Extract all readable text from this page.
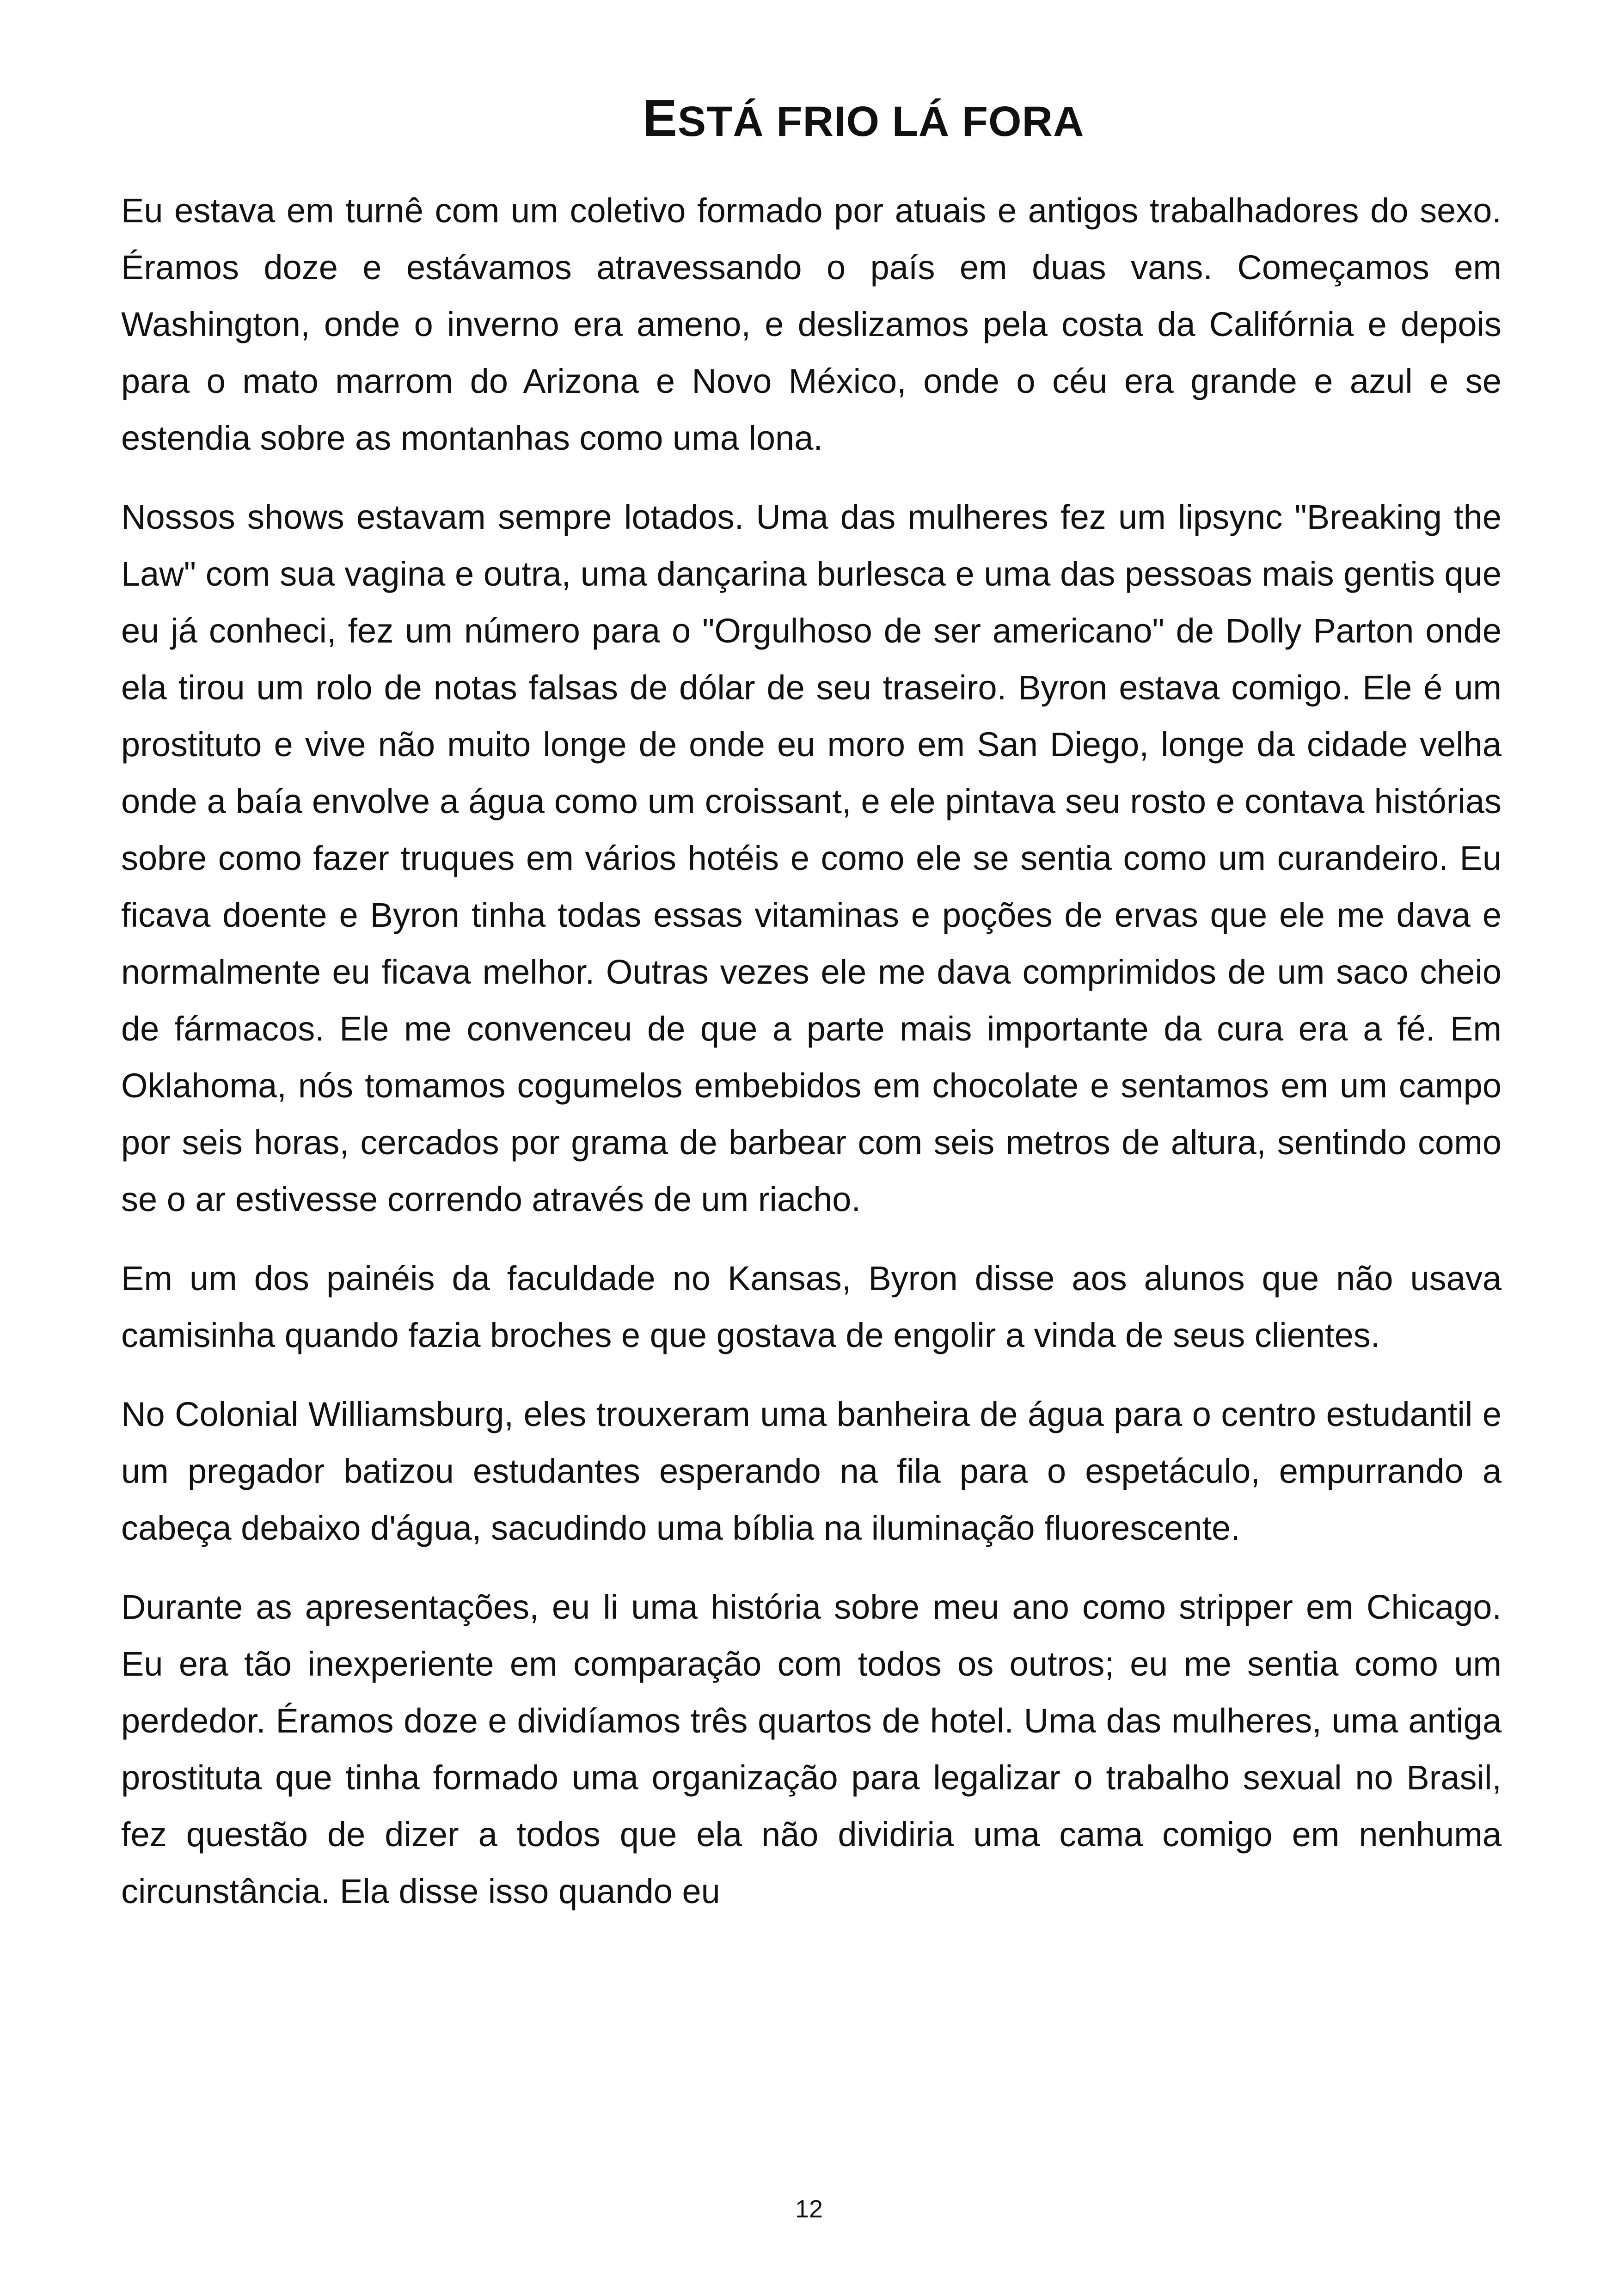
ESTÁ FRIO LÁ FORA

Eu estava em turnê com um coletivo formado por atuais e antigos trabalhadores do sexo. Éramos doze e estávamos atravessando o país em duas vans. Começamos em Washington, onde o inverno era ameno, e deslizamos pela costa da Califórnia e depois para o mato marrom do Arizona e Novo México, onde o céu era grande e azul e se estendia sobre as montanhas como uma lona.

Nossos shows estavam sempre lotados. Uma das mulheres fez um lipsync "Breaking the Law" com sua vagina e outra, uma dançarina burlesca e uma das pessoas mais gentis que eu já conheci, fez um número para o "Orgulhoso de ser americano" de Dolly Parton onde ela tirou um rolo de notas falsas de dólar de seu traseiro. Byron estava comigo. Ele é um prostituto e vive não muito longe de onde eu moro em San Diego, longe da cidade velha onde a baía envolve a água como um croissant, e ele pintava seu rosto e contava histórias sobre como fazer truques em vários hotéis e como ele se sentia como um curandeiro. Eu ficava doente e Byron tinha todas essas vitaminas e poções de ervas que ele me dava e normalmente eu ficava melhor. Outras vezes ele me dava comprimidos de um saco cheio de fármacos. Ele me convenceu de que a parte mais importante da cura era a fé. Em Oklahoma, nós tomamos cogumelos embebidos em chocolate e sentamos em um campo por seis horas, cercados por grama de barbear com seis metros de altura, sentindo como se o ar estivesse correndo através de um riacho.

Em um dos painéis da faculdade no Kansas, Byron disse aos alunos que não usava camisinha quando fazia broches e que gostava de engolir a vinda de seus clientes.

No Colonial Williamsburg, eles trouxeram uma banheira de água para o centro estudantil e um pregador batizou estudantes esperando na fila para o espetáculo, empurrando a cabeça debaixo d'água, sacudindo uma bíblia na iluminação fluorescente.

Durante as apresentações, eu li uma história sobre meu ano como stripper em Chicago. Eu era tão inexperiente em comparação com todos os outros; eu me sentia como um perdedor. Éramos doze e dividíamos três quartos de hotel. Uma das mulheres, uma antiga prostituta que tinha formado uma organização para legalizar o trabalho sexual no Brasil, fez questão de dizer a todos que ela não dividiria uma cama comigo em nenhuma circunstância. Ela disse isso quando eu

12
